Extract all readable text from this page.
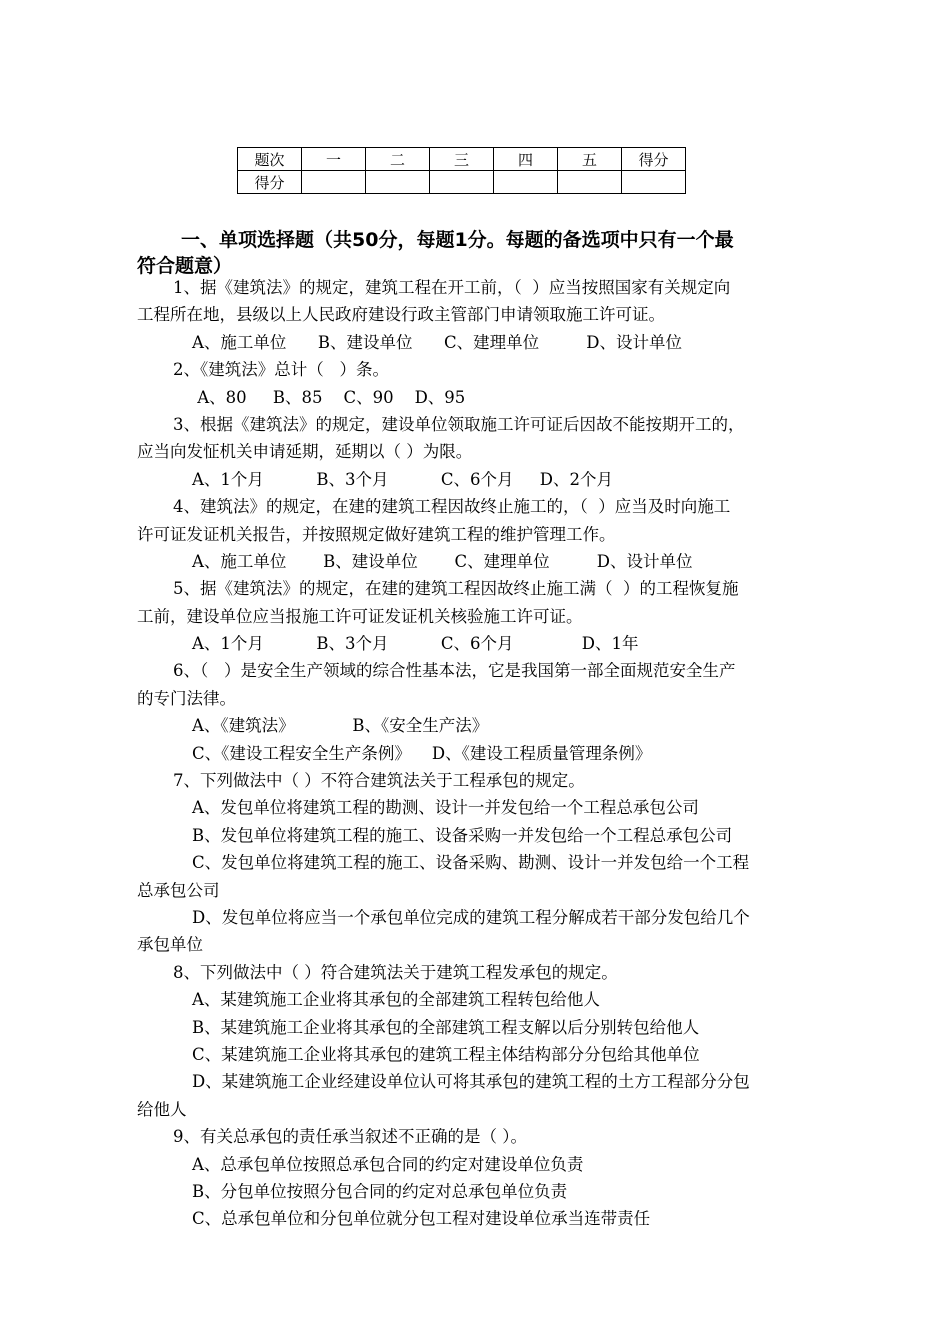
题次	一	二	三	四	五	得分
得分						
一、单项选择题（共50分，每题1分。每题的备选项中只有一个最
符合题意）
1、据《建筑法》的规定，建筑工程在开工前，（  ）应当按照国家有关规定向
工程所在地，县级以上人民政府建设行政主管部门申请领取施工许可证。
A、施工单位      B、建设单位      C、建理单位         D、设计单位
2、《建筑法》总计（   ）条。
A、80     B、85    C、90    D、95
3、根据《建筑法》的规定，建设单位领取施工许可证后因故不能按期开工的，
应当向发怔机关申请延期，延期以（ ）为限。
A、1个月          B、3个月          C、6个月     D、2个月
4、建筑法》的规定，在建的建筑工程因故终止施工的，（  ）应当及时向施工
许可证发证机关报告，并按照规定做好建筑工程的维护管理工作。
A、施工单位       B、建设单位       C、建理单位         D、设计单位
5、据《建筑法》的规定，在建的建筑工程因故终止施工满（  ）的工程恢复施
工前，建设单位应当报施工许可证发证机关核验施工许可证。
A、1个月          B、3个月          C、6个月             D、1年
6、（   ）是安全生产领域的综合性基本法，它是我国第一部全面规范安全生产
的专门法律。
A、《建筑法》           B、《安全生产法》
C、《建设工程安全生产条例》    D、《建设工程质量管理条例》
7、下列做法中（ ）不符合建筑法关于工程承包的规定。
A、发包单位将建筑工程的勘测、设计一并发包给一个工程总承包公司
B、发包单位将建筑工程的施工、设备采购一并发包给一个工程总承包公司
C、发包单位将建筑工程的施工、设备采购、勘测、设计一并发包给一个工程
总承包公司
D、发包单位将应当一个承包单位完成的建筑工程分解成若干部分发包给几个
承包单位
8、下列做法中（ ）符合建筑法关于建筑工程发承包的规定。
A、某建筑施工企业将其承包的全部建筑工程转包给他人
B、某建筑施工企业将其承包的全部建筑工程支解以后分别转包给他人
C、某建筑施工企业将其承包的建筑工程主体结构部分分包给其他单位
D、某建筑施工企业经建设单位认可将其承包的建筑工程的土方工程部分分包
给他人
9、有关总承包的责任承当叙述不正确的是（ ）。
A、总承包单位按照总承包合同的约定对建设单位负责
B、分包单位按照分包合同的约定对总承包单位负责
C、总承包单位和分包单位就分包工程对建设单位承当连带责任
